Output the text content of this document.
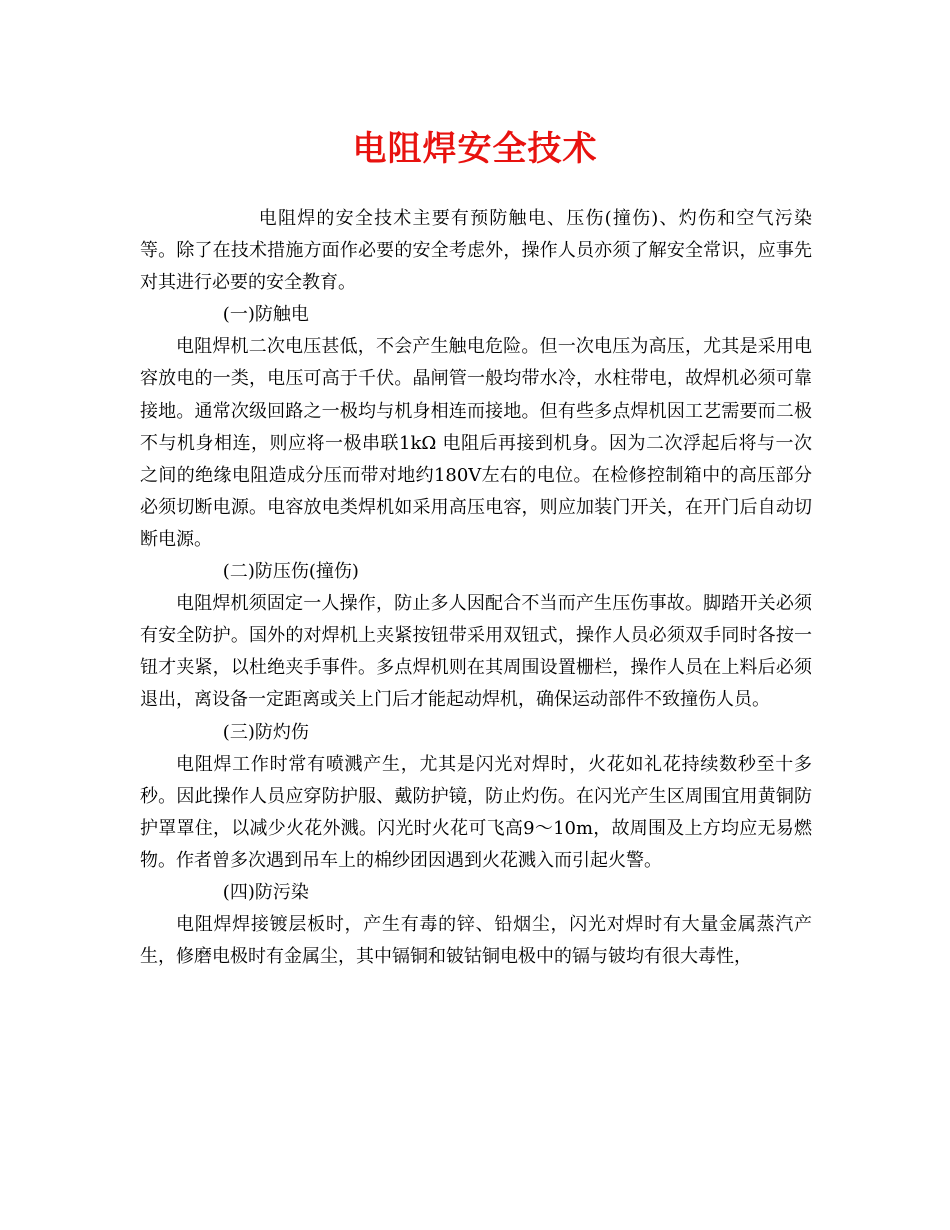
电阻焊安全技术

电阻焊的安全技术主要有预防触电、压伤(撞伤)、灼伤和空气污染等。除了在技术措施方面作必要的安全考虑外，操作人员亦须了解安全常识，应事先对其进行必要的安全教育。

(一)防触电

电阻焊机二次电压甚低，不会产生触电危险。但一次电压为高压，尤其是采用电容放电的一类，电压可高于千伏。晶闸管一般均带水冷，水柱带电，故焊机必须可靠接地。通常次级回路之一极均与机身相连而接地。但有些多点焊机因工艺需要而二极不与机身相连，则应将一极串联1kΩ 电阻后再接到机身。因为二次浮起后将与一次之间的绝缘电阻造成分压而带对地约180V左右的电位。在检修控制箱中的高压部分必须切断电源。电容放电类焊机如采用高压电容，则应加装门开关，在开门后自动切断电源。

(二)防压伤(撞伤)

电阻焊机须固定一人操作，防止多人因配合不当而产生压伤事故。脚踏开关必须有安全防护。国外的对焊机上夹紧按钮带采用双钮式，操作人员必须双手同时各按一钮才夹紧，以杜绝夹手事件。多点焊机则在其周围设置栅栏，操作人员在上料后必须退出，离设备一定距离或关上门后才能起动焊机，确保运动部件不致撞伤人员。

(三)防灼伤

电阻焊工作时常有喷溅产生，尤其是闪光对焊时，火花如礼花持续数秒至十多秒。因此操作人员应穿防护服、戴防护镜，防止灼伤。在闪光产生区周围宜用黄铜防护罩罩住，以减少火花外溅。闪光时火花可飞高9～10m，故周围及上方均应无易燃物。作者曾多次遇到吊车上的棉纱团因遇到火花溅入而引起火警。

(四)防污染

电阻焊焊接镀层板时，产生有毒的锌、铅烟尘，闪光对焊时有大量金属蒸汽产生，修磨电极时有金属尘，其中镉铜和铍钴铜电极中的镉与铍均有很大毒性，
